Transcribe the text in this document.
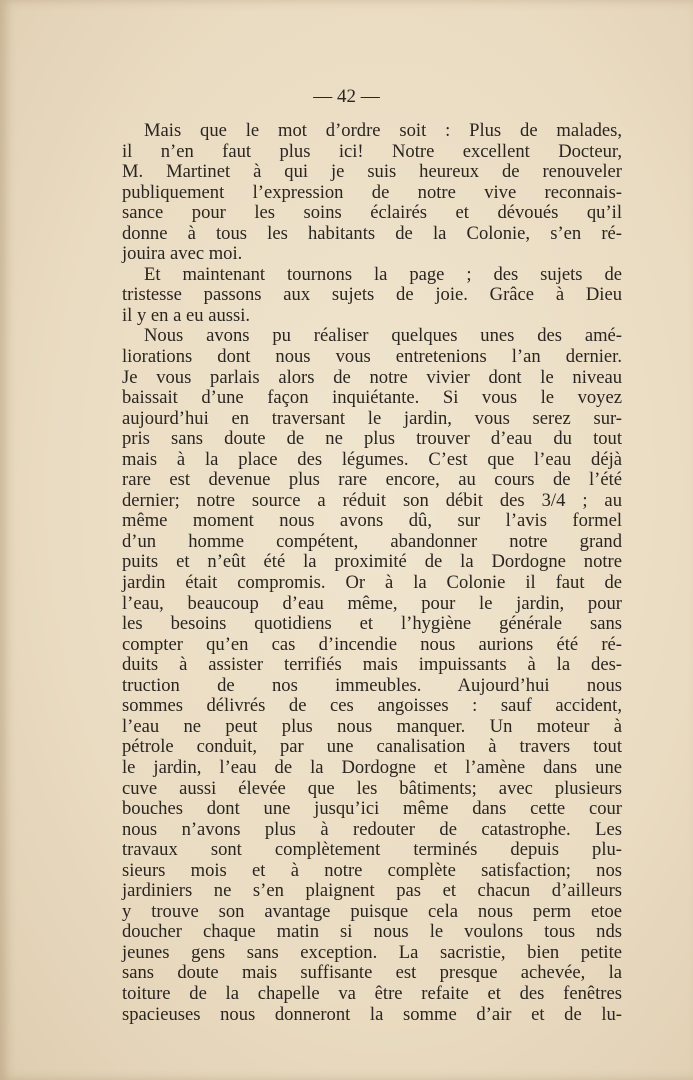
— 42 —
Mais que le mot d’ordre soit : Plus de malades,
il n’en faut plus ici! Notre excellent Docteur,
M. Martinet à qui je suis heureux de renouveler
publiquement l’expression de notre vive reconnais-
sance pour les soins éclairés et dévoués qu’il
donne à tous les habitants de la Colonie, s’en ré-
jouira avec moi.
Et maintenant tournons la page ; des sujets de
tristesse passons aux sujets de joie. Grâce à Dieu
il y en a eu aussi.
Nous avons pu réaliser quelques unes des amé-
liorations dont nous vous entretenions l’an dernier.
Je vous parlais alors de notre vivier dont le niveau
baissait d’une façon inquiétante. Si vous le voyez
aujourd’hui en traversant le jardin, vous serez sur-
pris sans doute de ne plus trouver d’eau du tout
mais à la place des légumes. C’est que l’eau déjà
rare est devenue plus rare encore, au cours de l’été
dernier; notre source a réduit son débit des 3/4 ; au
même moment nous avons dû, sur l’avis formel
d’un homme compétent, abandonner notre grand
puits et n’eût été la proximité de la Dordogne notre
jardin était compromis. Or à la Colonie il faut de
l’eau, beaucoup d’eau même, pour le jardin, pour
les besoins quotidiens et l’hygiène générale sans
compter qu’en cas d’incendie nous aurions été ré-
duits à assister terrifiés mais impuissants à la des-
truction de nos immeubles. Aujourd’hui nous
sommes délivrés de ces angoisses : sauf accident,
l’eau ne peut plus nous manquer. Un moteur à
pétrole conduit, par une canalisation à travers tout
le jardin, l’eau de la Dordogne et l’amène dans une
cuve aussi élevée que les bâtiments; avec plusieurs
bouches dont une jusqu’ici même dans cette cour
nous n’avons plus à redouter de catastrophe. Les
travaux sont complètement terminés depuis plu-
sieurs mois et à notre complète satisfaction; nos
jardiniers ne s’en plaignent pas et chacun d’ailleurs
y trouve son avantage puisque cela nous perm etoe
doucher chaque matin si nous le voulons tous nds
jeunes gens sans exception. La sacristie, bien petite
sans doute mais suffisante est presque achevée, la
toiture de la chapelle va être refaite et des fenêtres
spacieuses nous donneront la somme d’air et de lu-
